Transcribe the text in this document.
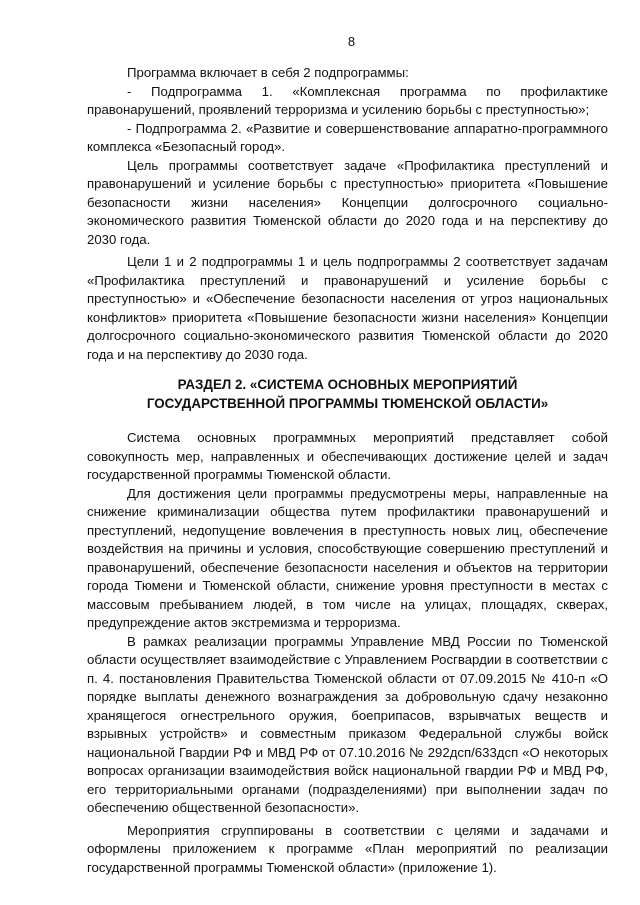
8

Программа включает в себя 2 подпрограммы:

- Подпрограмма 1. «Комплексная программа по профилактике правонарушений, проявлений терроризма и усилению борьбы с преступностью»;

- Подпрограмма 2. «Развитие и совершенствование аппаратно-программного комплекса «Безопасный город».

Цель программы соответствует задаче «Профилактика преступлений и правонарушений и усиление борьбы с преступностью» приоритета «Повышение безопасности жизни населения» Концепции долгосрочного социально-экономического развития Тюменской области до 2020 года и на перспективу до 2030 года.

Цели 1 и 2 подпрограммы 1 и цель подпрограммы 2 соответствует задачам «Профилактика преступлений и правонарушений и усиление борьбы с преступностью» и «Обеспечение безопасности населения от угроз национальных конфликтов» приоритета «Повышение безопасности жизни населения» Концепции долгосрочного социально-экономического развития Тюменской области до 2020 года и на перспективу до 2030 года.

РАЗДЕЛ 2. «СИСТЕМА ОСНОВНЫХ МЕРОПРИЯТИЙ
ГОСУДАРСТВЕННОЙ ПРОГРАММЫ ТЮМЕНСКОЙ ОБЛАСТИ»

Система основных программных мероприятий представляет собой совокупность мер, направленных и обеспечивающих достижение целей и задач государственной программы Тюменской области.

Для достижения цели программы предусмотрены меры, направленные на снижение криминализации общества путем профилактики правонарушений и преступлений, недопущение вовлечения в преступность новых лиц, обеспечение воздействия на причины и условия, способствующие совершению преступлений и правонарушений, обеспечение безопасности населения и объектов на территории города Тюмени и Тюменской области, снижение уровня преступности в местах с массовым пребыванием людей, в том числе на улицах, площадях, скверах, предупреждение актов экстремизма и терроризма.

В рамках реализации программы Управление МВД России по Тюменской области осуществляет взаимодействие с Управлением Росгвардии в соответствии с п. 4. постановления Правительства Тюменской области от 07.09.2015 № 410-п «О порядке выплаты денежного вознаграждения за добровольную сдачу незаконно хранящегося огнестрельного оружия, боеприпасов, взрывчатых веществ и взрывных устройств» и совместным приказом Федеральной службы войск национальной Гвардии РФ и МВД РФ от 07.10.2016 № 292дсп/633дсп «О некоторых вопросах организации взаимодействия войск национальной гвардии РФ и МВД РФ, его территориальными органами (подразделениями) при выполнении задач по обеспечению общественной безопасности».

Мероприятия сгруппированы в соответствии с целями и задачами и оформлены приложением к программе «План мероприятий по реализации государственной программы Тюменской области» (приложение 1).
